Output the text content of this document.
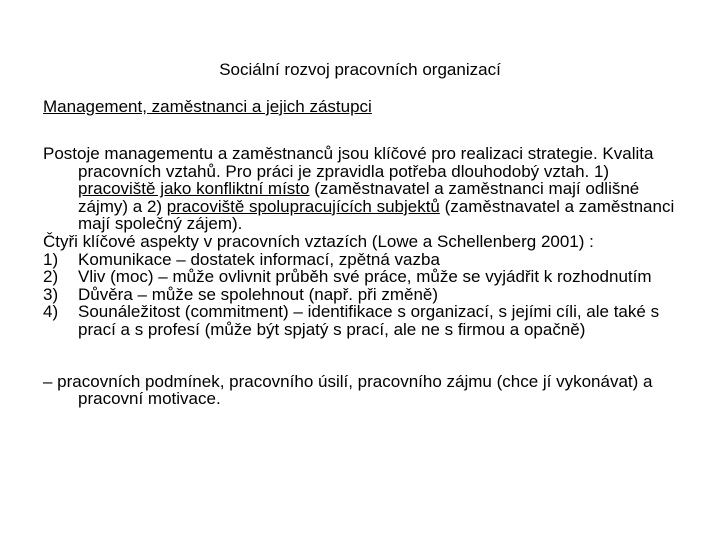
Sociální rozvoj pracovních organizací
Management, zaměstnanci a jejich zástupci

Postoje managementu a zaměstnanců jsou klíčové pro realizaci strategie. Kvalita pracovních vztahů. Pro práci je zpravidla potřeba dlouhodobý vztah. 1) pracoviště jako konfliktní místo (zaměstnavatel a zaměstnanci mají odlišné zájmy) a 2) pracoviště spolupracujících subjektů (zaměstnavatel a zaměstnanci mají společný zájem).

Čtyři klíčové aspekty v pracovních vztazích (Lowe a Schellenberg 2001) :

1)	Komunikace – dostatek informací, zpětná vazba
2)	Vliv (moc) – může ovlivnit průběh své práce, může se vyjádřit k rozhodnutím
3)	Důvěra – může se spolehnout (např. při změně)
4)	Sounáležitost (commitment) – identifikace s organizací, s jejími cíli, ale také s prací a s profesí (může být spjatý s prací, ale ne s firmou a opačně)

– pracovních podmínek, pracovního úsilí, pracovního zájmu (chce jí vykonávat) a pracovní motivace.
